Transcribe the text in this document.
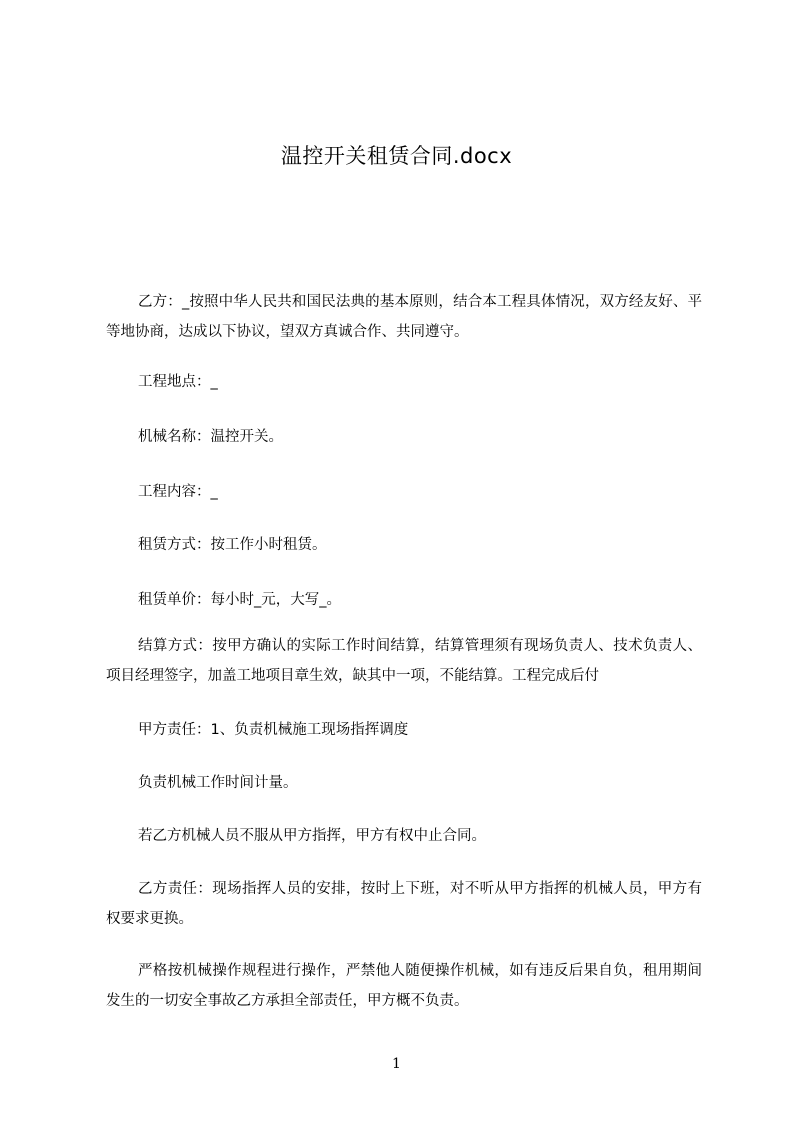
温控开关租赁合同.docx

乙方：_按照中华人民共和国民法典的基本原则，结合本工程具体情况，双方经友好、平等地协商，达成以下协议，望双方真诚合作、共同遵守。

工程地点：_

机械名称：温控开关。

工程内容：_

租赁方式：按工作小时租赁。

租赁单价：每小时_元，大写_。

结算方式：按甲方确认的实际工作时间结算，结算管理须有现场负责人、技术负责人、项目经理签字，加盖工地项目章生效，缺其中一项，不能结算。工程完成后付

甲方责任：1、负责机械施工现场指挥调度

负责机械工作时间计量。

若乙方机械人员不服从甲方指挥，甲方有权中止合同。

乙方责任：现场指挥人员的安排，按时上下班，对不听从甲方指挥的机械人员，甲方有权要求更换。

严格按机械操作规程进行操作，严禁他人随便操作机械，如有违反后果自负，租用期间发生的一切安全事故乙方承担全部责任，甲方概不负责。

1
